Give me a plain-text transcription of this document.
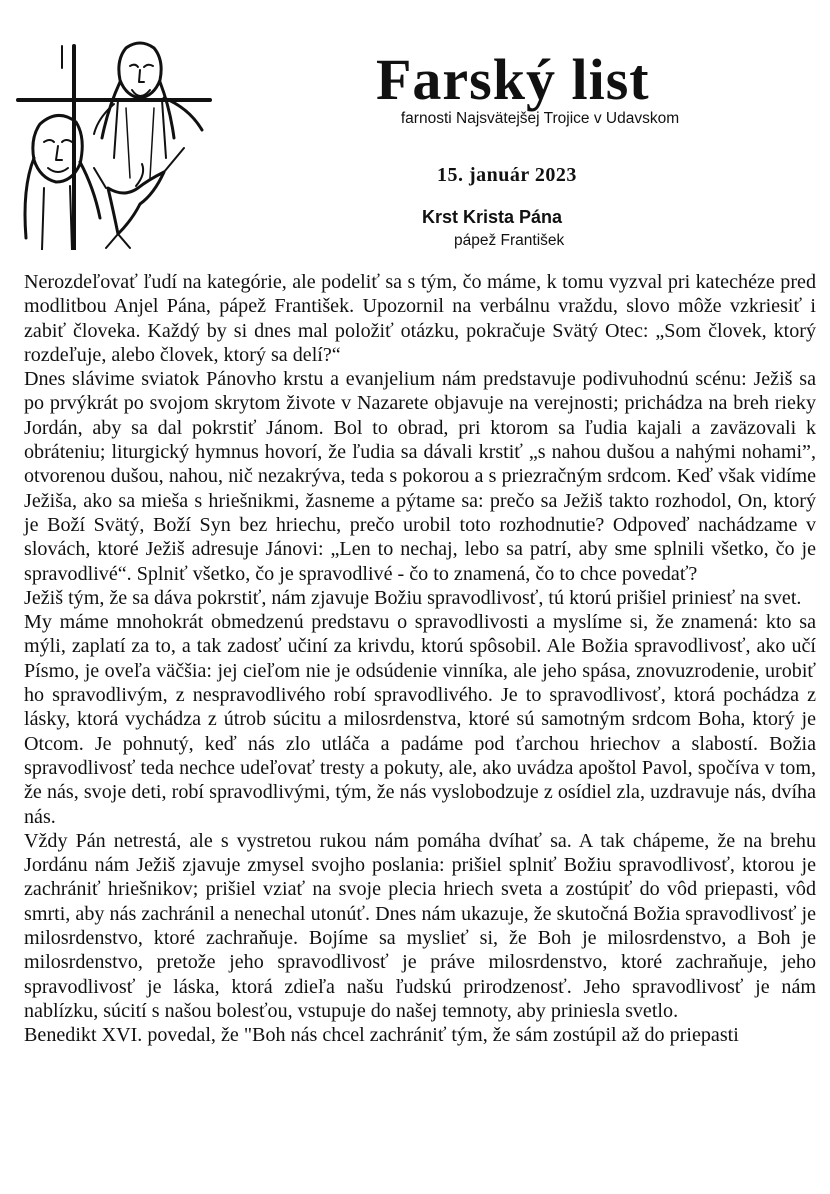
Farský list
farnosti Najsvätejšej Trojice v Udavskom
15. január 2023
Krst Krista Pána
pápež František

Nerozdeľovať ľudí na kategórie, ale podeliť sa s tým, čo máme, k tomu vyzval pri katechéze pred modlitbou Anjel Pána, pápež František. Upozornil na verbálnu vraždu, slovo môže vzkriesiť i zabiť človeka. Každý by si dnes mal položiť otázku, pokračuje Svätý Otec: „Som človek, ktorý rozdeľuje, alebo človek, ktorý sa delí?“

Dnes slávime sviatok Pánovho krstu a evanjelium nám predstavuje podivuhodnú scénu: Ježiš sa po prvýkrát po svojom skrytom živote v Nazarete objavuje na verejnosti; prichádza na breh rieky Jordán, aby sa dal pokrstiť Jánom. Bol to obrad, pri ktorom sa ľudia kajali a zaväzovali k obráteniu; liturgický hymnus hovorí, že ľudia sa dávali krstiť „s nahou dušou a nahými nohami”, otvorenou dušou, nahou, nič nezakrýva, teda s pokorou a s priezračným srdcom. Keď však vidíme Ježiša, ako sa mieša s hriešnikmi, žasneme a pýtame sa: prečo sa Ježiš takto rozhodol, On, ktorý je Boží Svätý, Boží Syn bez hriechu, prečo urobil toto rozhodnutie? Odpoveď nachádzame v slovách, ktoré Ježiš adresuje Jánovi: „Len to nechaj, lebo sa patrí, aby sme splnili všetko, čo je spravodlivé“. Splniť všetko, čo je spravodlivé - čo to znamená, čo to chce povedať?

Ježiš tým, že sa dáva pokrstiť, nám zjavuje Božiu spravodlivosť, tú ktorú prišiel priniesť na svet.

My máme mnohokrát obmedzenú predstavu o spravodlivosti a myslíme si, že znamená: kto sa mýli, zaplatí za to, a tak zadosť učiní za krivdu, ktorú spôsobil. Ale Božia spravodlivosť, ako učí Písmo, je oveľa väčšia: jej cieľom nie je odsúdenie vinníka, ale jeho spása, znovuzrodenie, urobiť ho spravodlivým, z nespravodlivého robí spravodlivého. Je to spravodlivosť, ktorá pochádza z lásky, ktorá vychádza z útrob súcitu a milosrdenstva, ktoré sú samotným srdcom Boha, ktorý je Otcom. Je pohnutý, keď nás zlo utláča a padáme pod ťarchou hriechov a slabostí. Božia spravodlivosť teda nechce udeľovať tresty a pokuty, ale, ako uvádza apoštol Pavol, spočíva v tom, že nás, svoje deti, robí spravodlivými, tým, že nás vyslobodzuje z osídiel zla, uzdravuje nás, dvíha nás.

Vždy Pán netrestá, ale s vystretou rukou nám pomáha dvíhať sa. A tak chápeme, že na brehu Jordánu nám Ježiš zjavuje zmysel svojho poslania: prišiel splniť Božiu spravodlivosť, ktorou je zachrániť hriešnikov; prišiel vziať na svoje plecia hriech sveta a zostúpiť do vôd priepasti, vôd smrti, aby nás zachránil a nenechal utonúť. Dnes nám ukazuje, že skutočná Božia spravodlivosť je milosrdenstvo, ktoré zachraňuje. Bojíme sa myslieť si, že Boh je milosrdenstvo, a Boh je milosrdenstvo, pretože jeho spravodlivosť je práve milosrdenstvo, ktoré zachraňuje, jeho spravodlivosť je láska, ktorá zdieľa našu ľudskú prirodzenosť. Jeho spravodlivosť je nám nablízku, súcití s našou bolesťou, vstupuje do našej temnoty, aby priniesla svetlo.

Benedikt XVI. povedal, že "Boh nás chcel zachrániť tým, že sám zostúpil až do priepasti
